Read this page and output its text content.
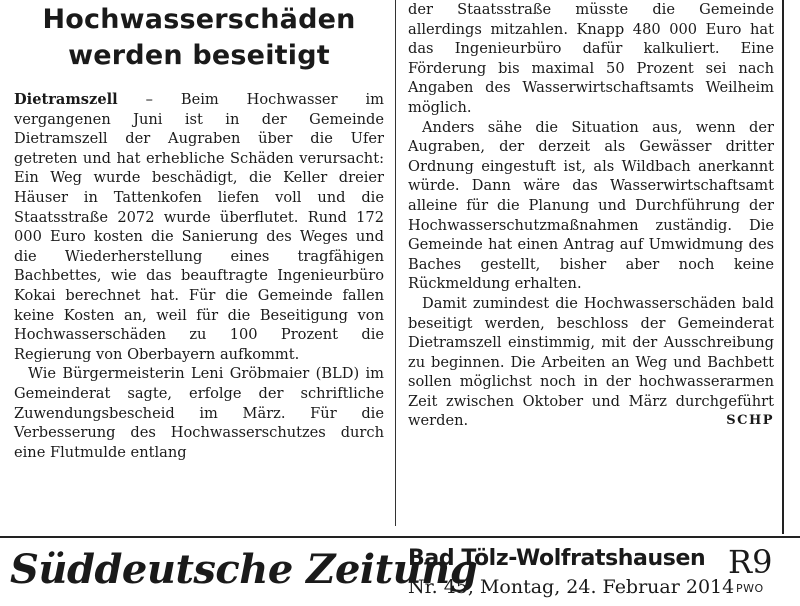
Hochwasserschäden
werden beseitigt

Dietramszell – Beim Hochwasser im vergangenen Juni ist in der Gemeinde Dietramszell der Augraben über die Ufer getreten und hat erhebliche Schäden verursacht: Ein Weg wurde beschädigt, die Keller dreier Häuser in Tattenkofen liefen voll und die Staatsstraße 2072 wurde überflutet. Rund 172 000 Euro kosten die Sanierung des Weges und die Wiederherstellung eines tragfähigen Bachbettes, wie das beauftragte Ingenieurbüro Kokai berechnet hat. Für die Gemeinde fallen keine Kosten an, weil für die Beseitigung von Hochwasserschäden zu 100 Prozent die Regierung von Oberbayern aufkommt.

Wie Bürgermeisterin Leni Gröbmaier (BLD) im Gemeinderat sagte, erfolge der schriftliche Zuwendungsbescheid im März. Für die Verbesserung des Hochwasserschutzes durch eine Flutmulde entlang

der Staatsstraße müsste die Gemeinde allerdings mitzahlen. Knapp 480 000 Euro hat das Ingenieurbüro dafür kalkuliert. Eine Förderung bis maximal 50 Prozent sei nach Angaben des Wasserwirtschaftsamts Weilheim möglich.

Anders sähe die Situation aus, wenn der Augraben, der derzeit als Gewässer dritter Ordnung eingestuft ist, als Wildbach anerkannt würde. Dann wäre das Wasserwirtschaftsamt alleine für die Planung und Durchführung der Hochwasserschutzmaßnahmen zuständig. Die Gemeinde hat einen Antrag auf Umwidmung des Baches gestellt, bisher aber noch keine Rückmeldung erhalten.

Damit zumindest die Hochwasserschäden bald beseitigt werden, beschloss der Gemeinderat Dietramszell einstimmig, mit der Ausschreibung zu beginnen. Die Arbeiten an Weg und Bachbett sollen möglichst noch in der hochwasserarmen Zeit zwischen Oktober und März durchgeführt werden.	SCHP

Süddeutsche Zeitung
Bad Tölz-Wolfratshausen
Nr. 45, Montag, 24. Februar 2014
R9
PWO
